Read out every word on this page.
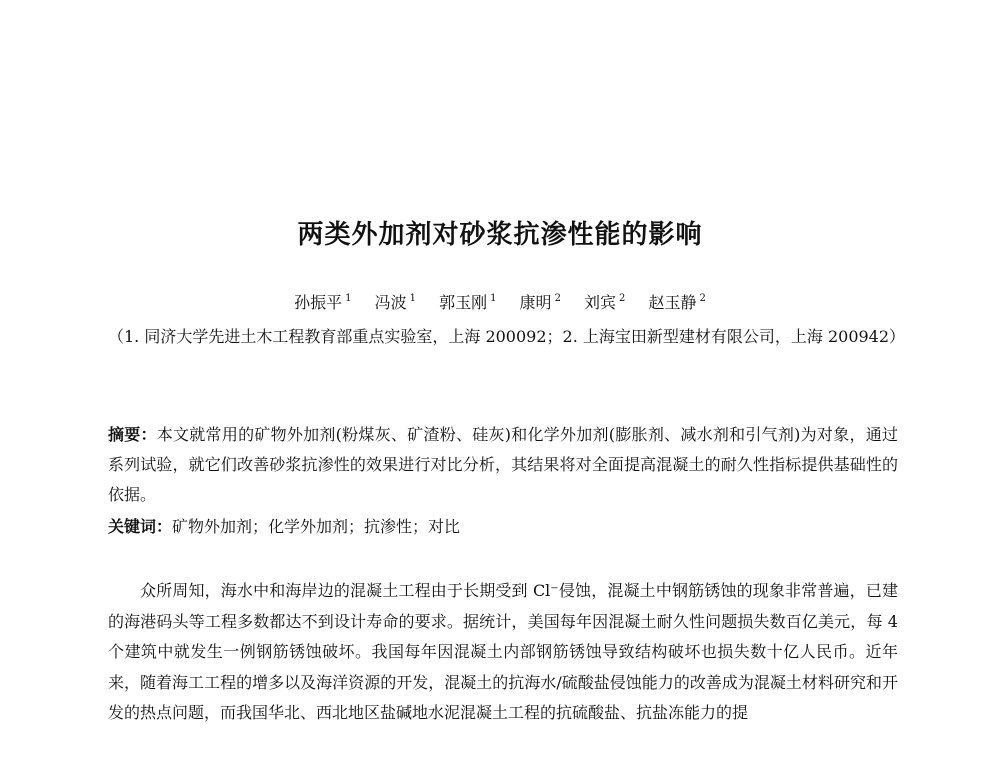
两类外加剂对砂浆抗渗性能的影响
孙振平 $^1$ 冯波 $^1$ 郭玉刚 $^1$ 康明 $^2$ 刘宾 $^2$ 赵玉静 $^2$
（1. 同济大学先进土木工程教育部重点实验室，上海 200092；2. 上海宝田新型建材有限公司，上海 200942）
摘要：本文就常用的矿物外加剂(粉煤灰、矿渣粉、硅灰)和化学外加剂(膨胀剂、减水剂和引气剂)为对象，通过系列试验，就它们改善砂浆抗渗性的效果进行对比分析，其结果将对全面提高混凝土的耐久性指标提供基础性的依据。
关键词：矿物外加剂；化学外加剂；抗渗性；对比
众所周知，海水中和海岸边的混凝土工程由于长期受到 Cl⁻侵蚀，混凝土中钢筋锈蚀的现象非常普遍，已建的海港码头等工程多数都达不到设计寿命的要求。据统计，美国每年因混凝土耐久性问题损失数百亿美元，每 4 个建筑中就发生一例钢筋锈蚀破坏。我国每年因混凝土内部钢筋锈蚀导致结构破坏也损失数十亿人民币。近年来，随着海工工程的增多以及海洋资源的开发，混凝土的抗海水/硫酸盐侵蚀能力的改善成为混凝土材料研究和开发的热点问题，而我国华北、西北地区盐碱地水泥混凝土工程的抗硫酸盐、抗盐冻能力的提
